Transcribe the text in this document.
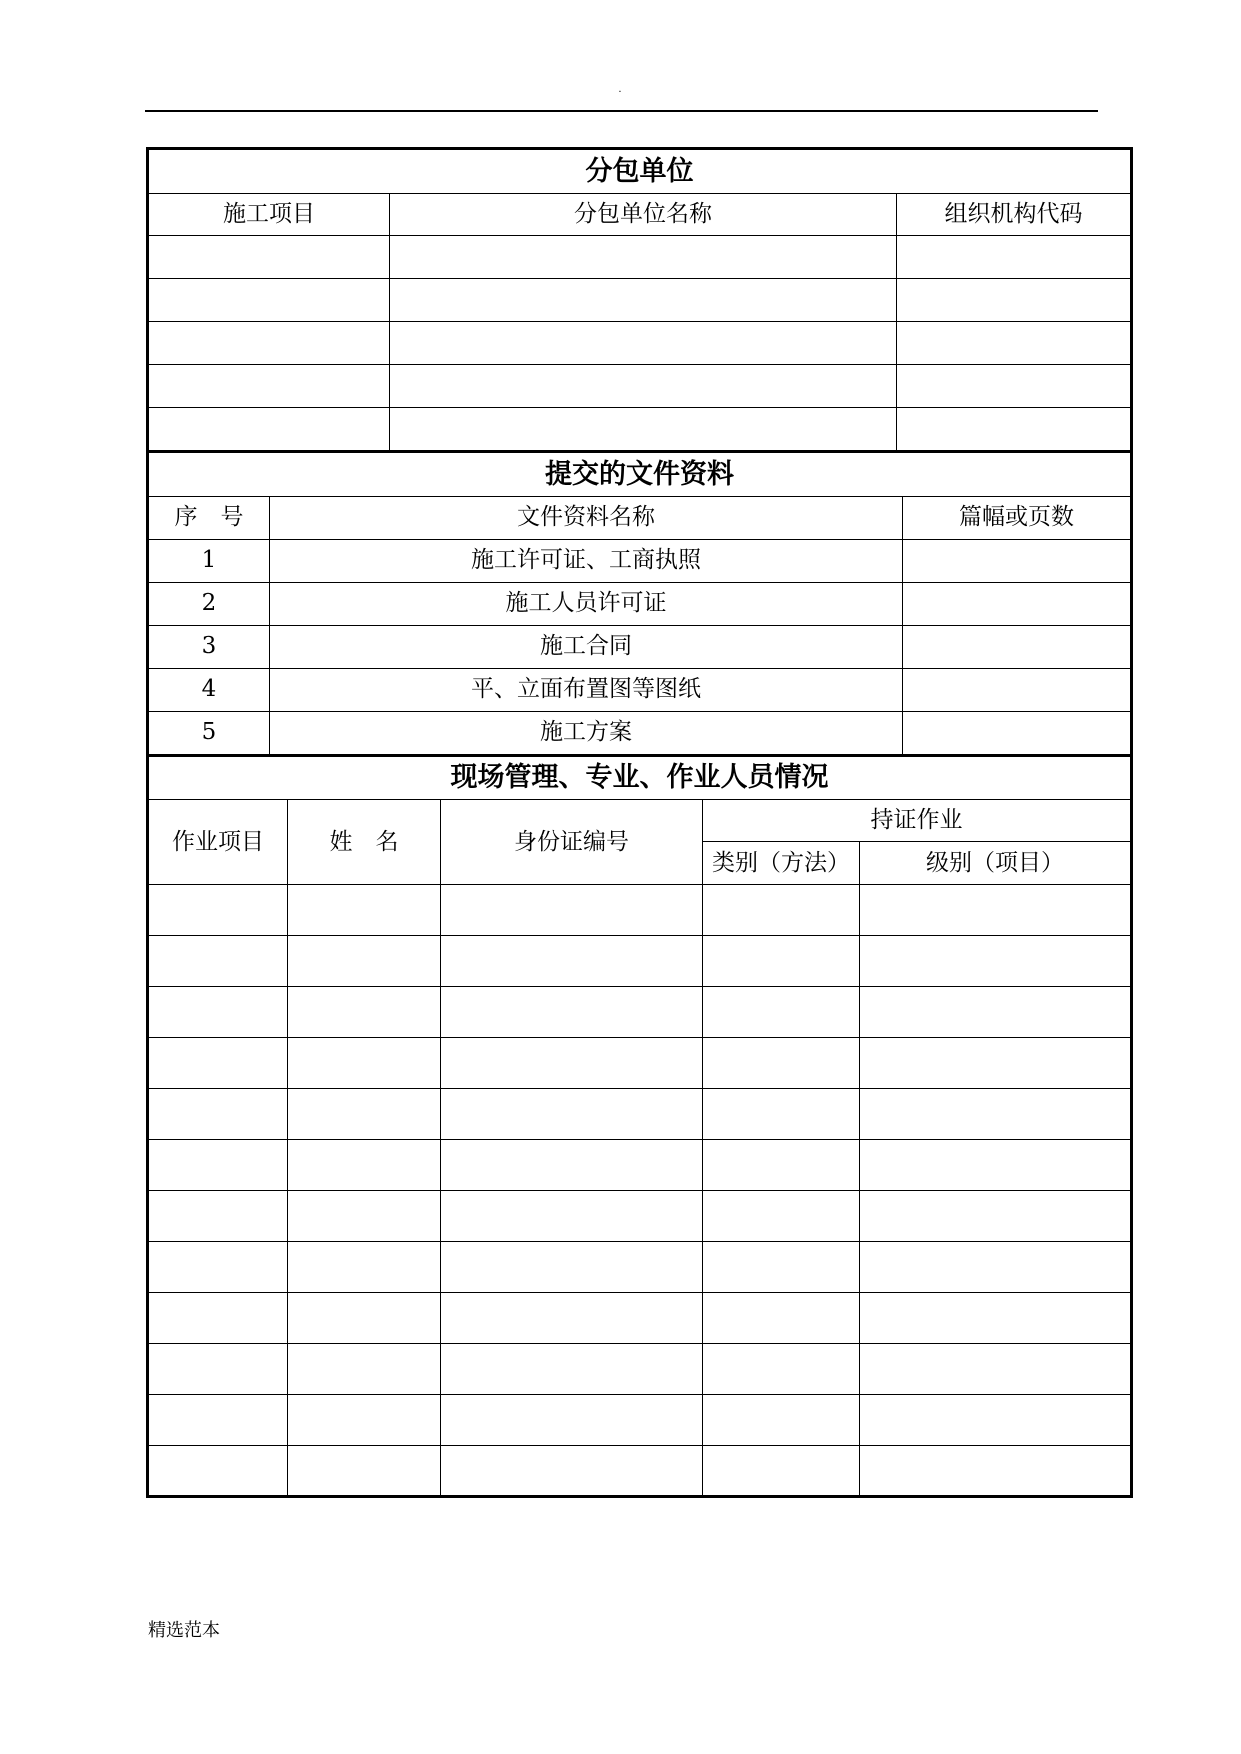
.
分包单位		
施工项目	分包单位名称	组织机构代码

提交的文件资料		
序　号	文件资料名称	篇幅或页数
1	施工许可证、工商执照	
2	施工人员许可证	
3	施工合同	
4	平、立面布置图等图纸	
5	施工方案	
现场管理、专业、作业人员情况				
作业项目	姓　名	身份证编号	持证作业	
			类别（方法）	级别（项目）

精选范本
